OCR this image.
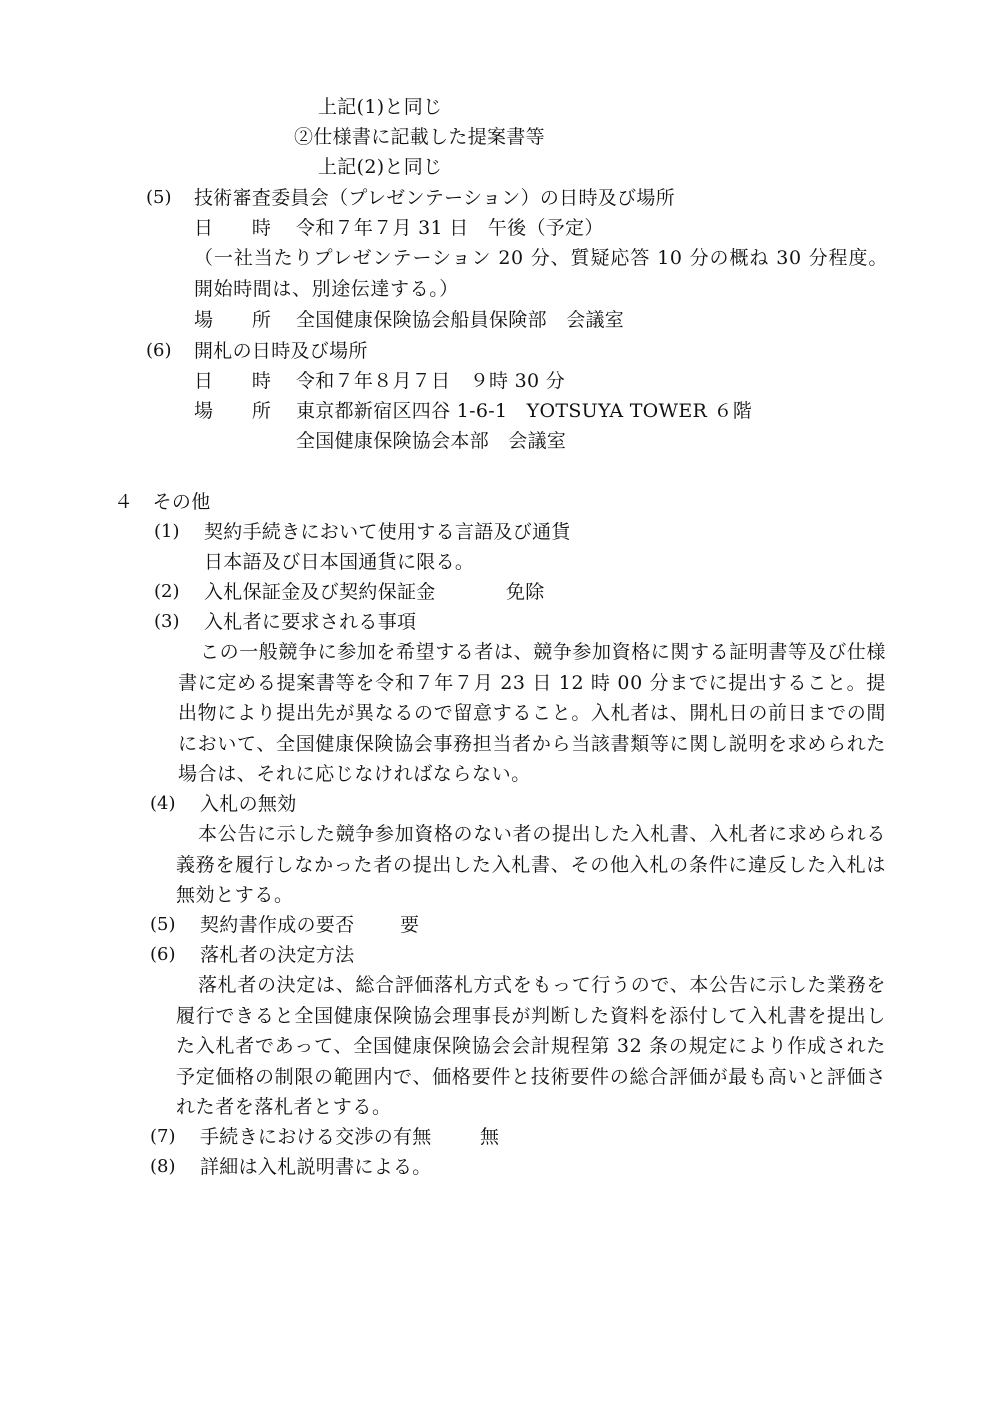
上記(1)と同じ
②仕様書に記載した提案書等
上記(2)と同じ
(5) 技術審査委員会（プレゼンテーション）の日時及び場所
日　　時 令和７年７月 31 日　午後（予定）
（一社当たりプレゼンテーション 20 分、質疑応答 10 分の概ね 30 分程度。開始時間は、別途伝達する。）
場　　所 全国健康保険協会船員保険部　会議室
(6) 開札の日時及び場所
日　　時 令和７年８月７日　９時 30 分
場　　所 東京都新宿区四谷 1-6-1　YOTSUYA TOWER ６階
全国健康保険協会本部　会議室
４　その他
(1) 契約手続きにおいて使用する言語及び通貨
日本語及び日本国通貨に限る。
(2) 入札保証金及び契約保証金	免除
(3) 入札者に要求される事項
この一般競争に参加を希望する者は、競争参加資格に関する証明書等及び仕様書に定める提案書等を令和７年７月 23 日 12 時 00 分までに提出すること。提出物により提出先が異なるので留意すること。入札者は、開札日の前日までの間において、全国健康保険協会事務担当者から当該書類等に関し説明を求められた場合は、それに応じなければならない。
(4) 入札の無効
本公告に示した競争参加資格のない者の提出した入札書、入札者に求められる義務を履行しなかった者の提出した入札書、その他入札の条件に違反した入札は無効とする。
(5) 契約書作成の要否 要
(6) 落札者の決定方法
落札者の決定は、総合評価落札方式をもって行うので、本公告に示した業務を履行できると全国健康保険協会理事長が判断した資料を添付して入札書を提出した入札者であって、全国健康保険協会会計規程第 32 条の規定により作成された予定価格の制限の範囲内で、価格要件と技術要件の総合評価が最も高いと評価された者を落札者とする。
(7) 手続きにおける交渉の有無	無
(8) 詳細は入札説明書による。
